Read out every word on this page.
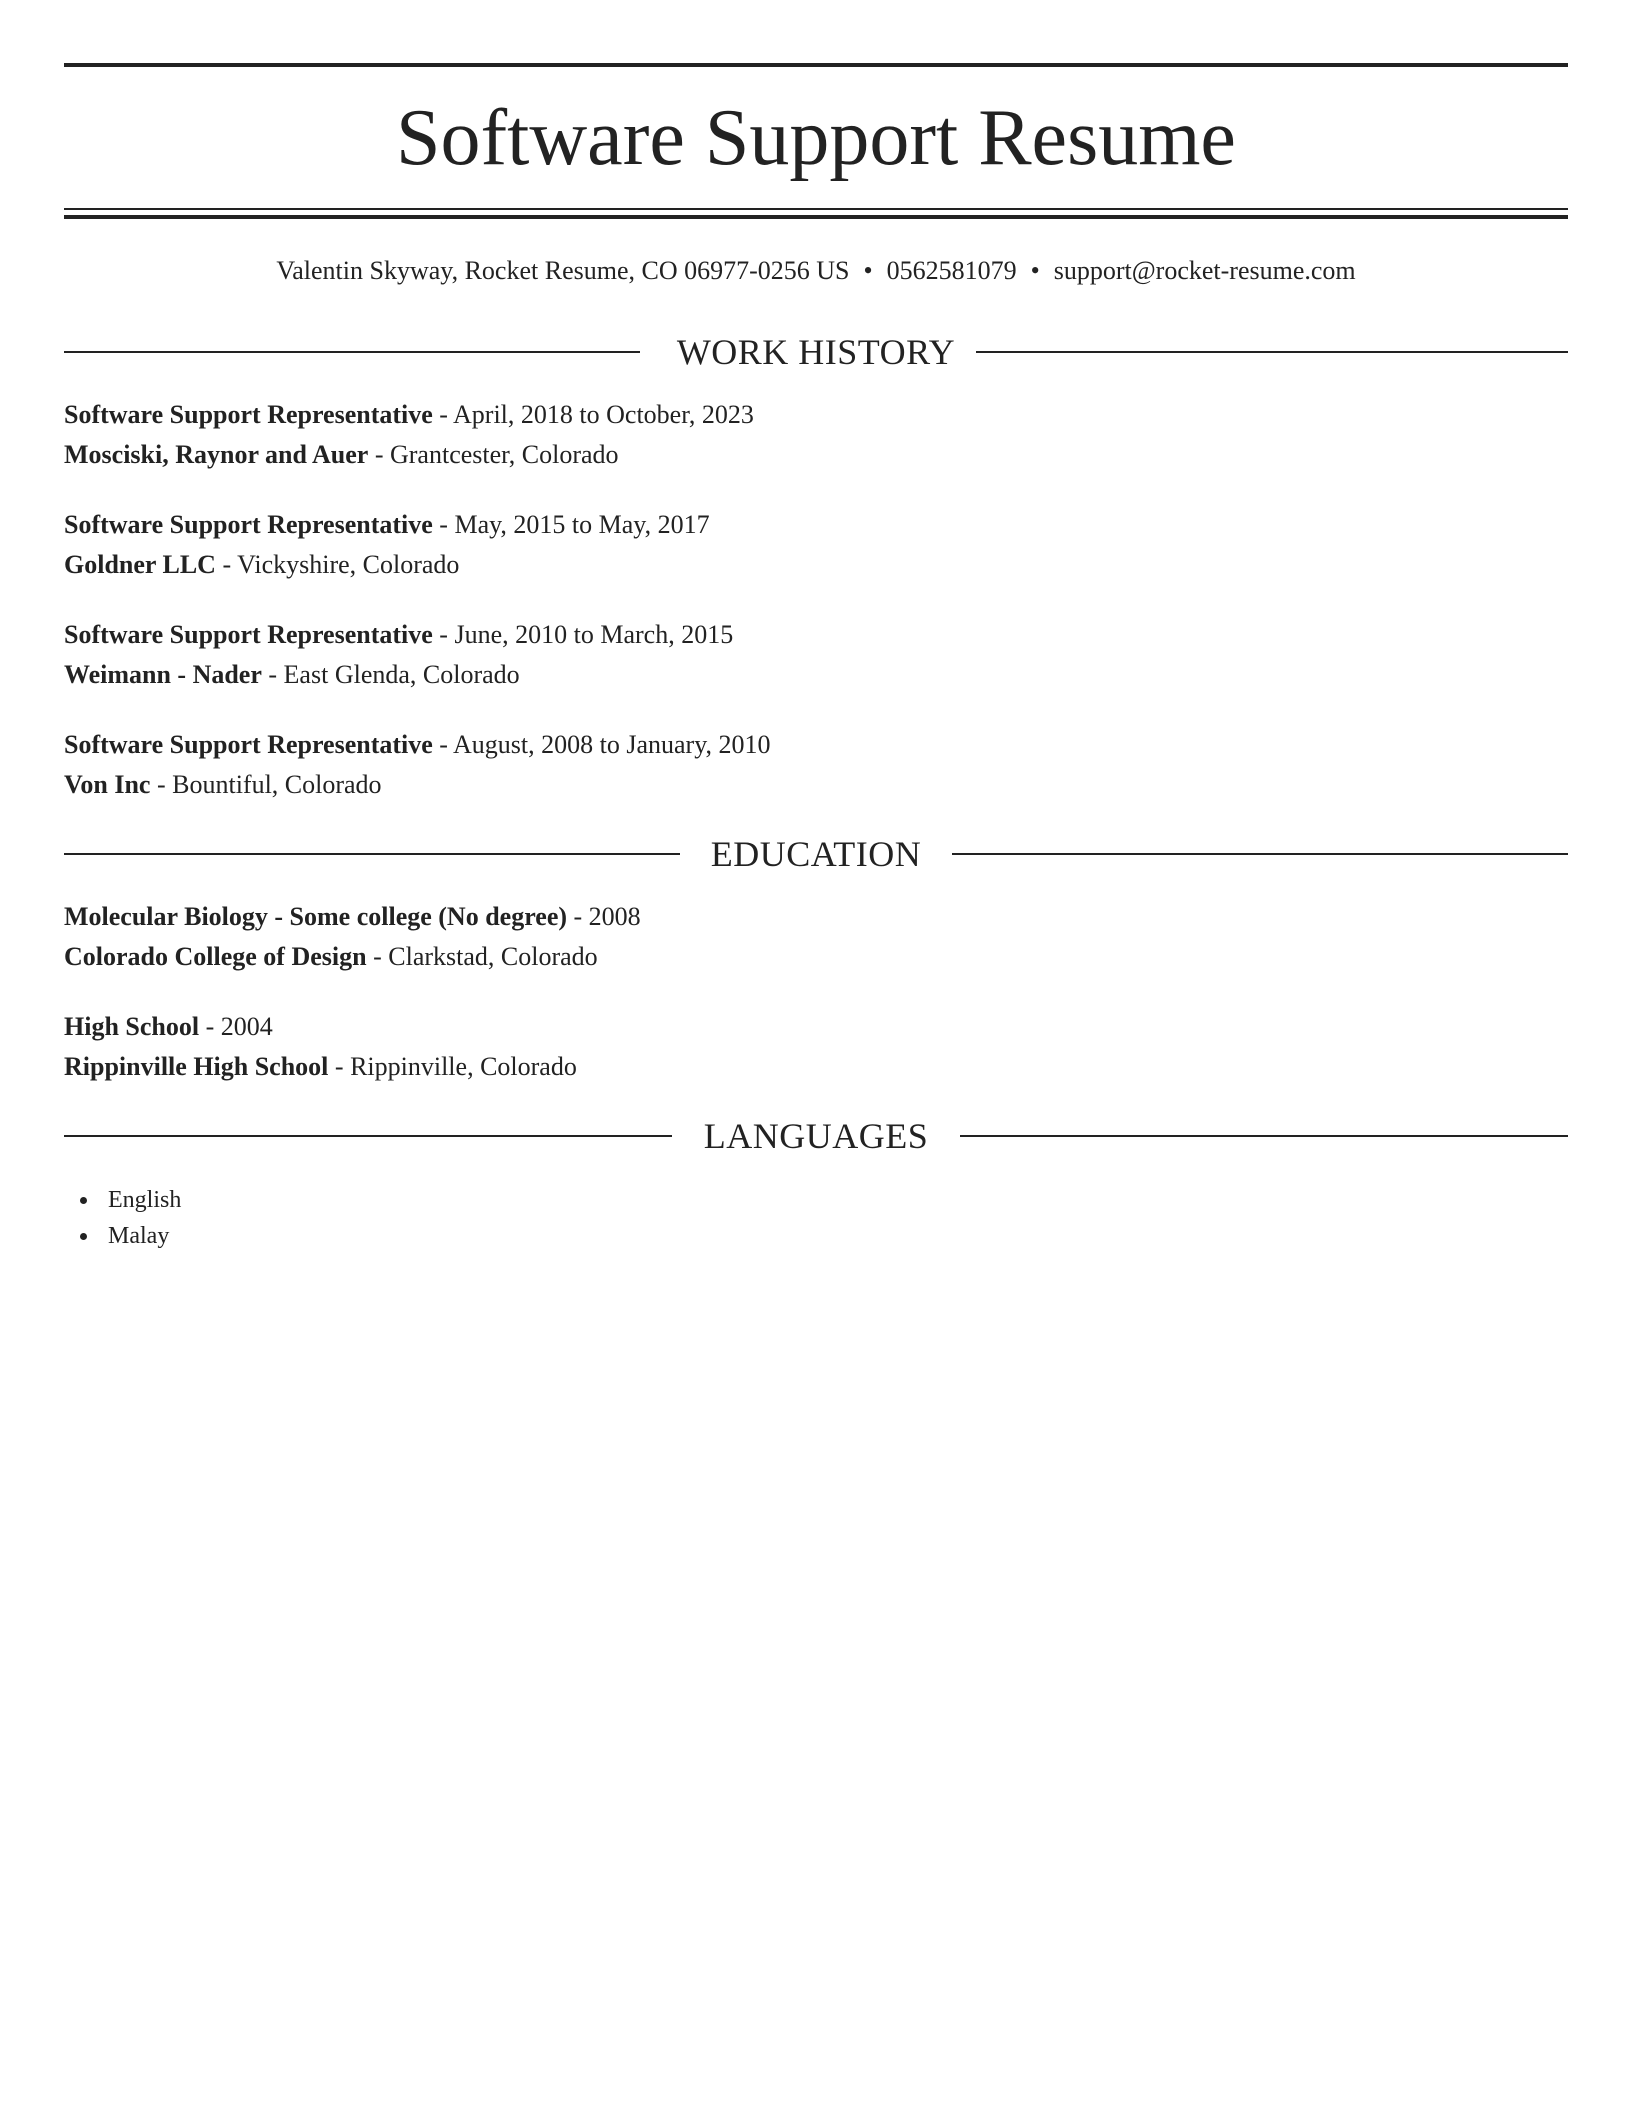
Software Support Resume
Valentin Skyway, Rocket Resume, CO 06977-0256 US • 0562581079 • support@rocket-resume.com
WORK HISTORY
Software Support Representative - April, 2018 to October, 2023
Mosciski, Raynor and Auer - Grantcester, Colorado
Software Support Representative - May, 2015 to May, 2017
Goldner LLC - Vickyshire, Colorado
Software Support Representative - June, 2010 to March, 2015
Weimann - Nader - East Glenda, Colorado
Software Support Representative - August, 2008 to January, 2010
Von Inc - Bountiful, Colorado
EDUCATION
Molecular Biology - Some college (No degree) - 2008
Colorado College of Design - Clarkstad, Colorado
High School - 2004
Rippinville High School - Rippinville, Colorado
LANGUAGES
English
Malay
